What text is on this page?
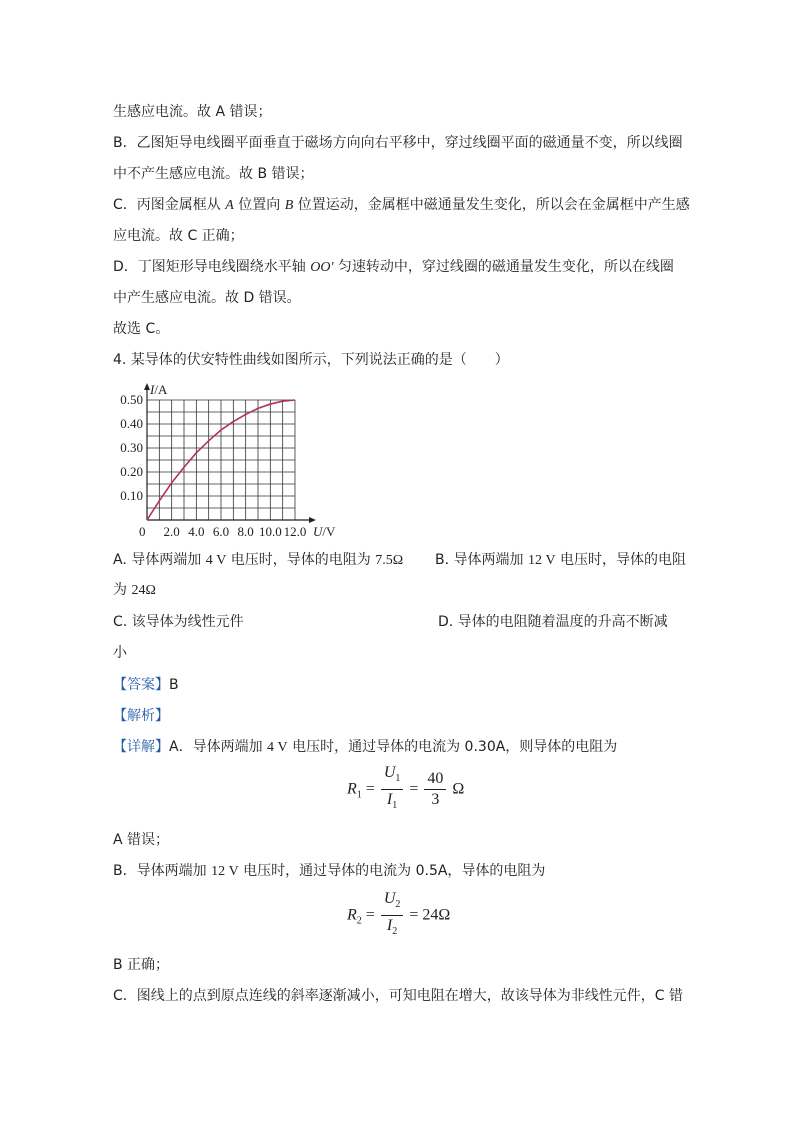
生感应电流。故 A 错误；
B．乙图矩导电线圈平面垂直于磁场方向向右平移中，穿过线圈平面的磁通量不变，所以线圈
中不产生感应电流。故 B 错误；
C．丙图金属框从 A 位置向 B 位置运动，金属框中磁通量发生变化，所以会在金属框中产生感
应电流。故 C 正确；
D．丁图矩形导电线圈绕水平轴 OO' 匀速转动中，穿过线圈的磁通量发生变化，所以在线圈
中产生感应电流。故 D 错误。
故选 C。
4. 某导体的伏安特性曲线如图所示，下列说法正确的是（　　）
0.10
0.20
0.30
0.40
0.50
2.0 4.0 6.0 8.0 10.0 12.0
I/A
U/V
0
A. 导体两端加 4 V 电压时，导体的电阻为 7.5Ω B. 导体两端加 12 V 电压时，导体的电阻
为 24Ω
C. 该导体为线性元件	D. 导体的电阻随着温度的升高不断减
小
【答案】B
【解析】
【详解】A．导体两端加 4 V 电压时，通过导体的电流为 0.30A，则导体的电阻为
$R_1 = \frac{U_1}{I_1} = \frac{40}{3}$ Ω
A 错误；
B．导体两端加 12 V 电压时，通过导体的电流为 0.5A，导体的电阻为
$R_2 = \frac{U_2}{I_2} = 24\Omega$
B 正确；
C．图线上的点到原点连线的斜率逐渐减小，可知电阻在增大，故该导体为非线性元件，C 错
